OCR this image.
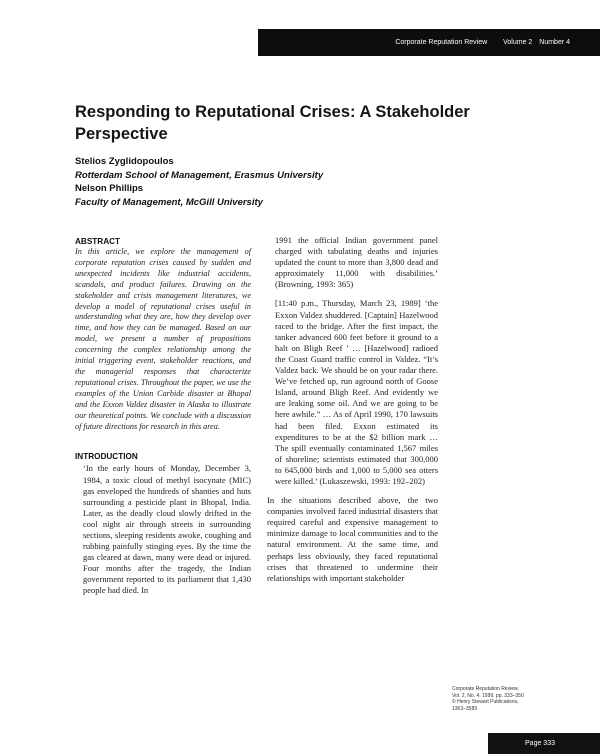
Corporate Reputation Review Volume 2 Number 4
Responding to Reputational Crises: A Stakeholder Perspective
Stelios Zyglidopoulos
Rotterdam School of Management, Erasmus University
Nelson Phillips
Faculty of Management, McGill University
ABSTRACT

In this article, we explore the management of corporate reputation crises caused by sudden and unexpected incidents like industrial accidents, scandals, and product failures. Drawing on the stakeholder and crisis management literatures, we develop a model of reputational crises useful in understanding what they are, how they develop over time, and how they can be managed. Based on our model, we present a number of propositions concerning the complex relationship among the initial triggering event, stakeholder reactions, and the managerial responses that characterize reputational crises. Throughout the paper, we use the examples of the Union Carbide disaster at Bhopal and the Exxon Valdez disaster in Alaska to illustrate our theoretical points. We conclude with a discussion of future directions for research in this area.

INTRODUCTION

‘In the early hours of Monday, December 3, 1984, a toxic cloud of methyl isocynate (MIC) gas enveloped the hundreds of shanties and huts surrounding a pesticide plant in Bhopal, India. Later, as the deadly cloud slowly drifted in the cool night air through streets in surrounding sections, sleeping residents awoke, coughing and rubbing painfully stinging eyes. By the time the gas cleared at dawn, many were dead or injured. Four months after the tragedy, the Indian government reported to its parliament that 1,430 people had died. In

1991 the official Indian government panel charged with tabulating deaths and injuries updated the count to more than 3,800 dead and approximately 11,000 with disabilities.’ (Browning, 1993: 365)

[11:40 p.m., Thursday, March 23, 1989] ‘the Exxon Valdez shuddered. [Captain] Hazelwood raced to the bridge. After the first impact, the tanker advanced 600 feet before it ground to a halt on Bligh Reef ’ … [Hazelwood] radioed the Coast Guard traffic control in Valdez. “It’s Valdez back. We should be on your radar there. We’ve fetched up, run aground north of Goose Island, around Bligh Reef. And evidently we are leaking some oil. And we are going to be here awhile.” … As of April 1990, 170 lawsuits had been filed. Exxon estimated its expenditures to be at the $2 billion mark … The spill eventually contaminated 1,567 miles of shoreline; scientists estimated that 300,000 to 645,000 birds and 1,000 to 5,000 sea otters were killed.’ (Lukaszewski, 1993: 192–202)

In the situations described above, the two companies involved faced industrial disasters that required careful and expensive management to minimize damage to local communities and to the natural environment. At the same time, and perhaps less obviously, they faced reputational crises that threatened to undermine their relationships with important stakeholder

Corporate Reputation Review,
Vol. 2, No. 4, 1999, pp. 333–350
© Henry Stewart Publications,
1363–3589
Page 333
